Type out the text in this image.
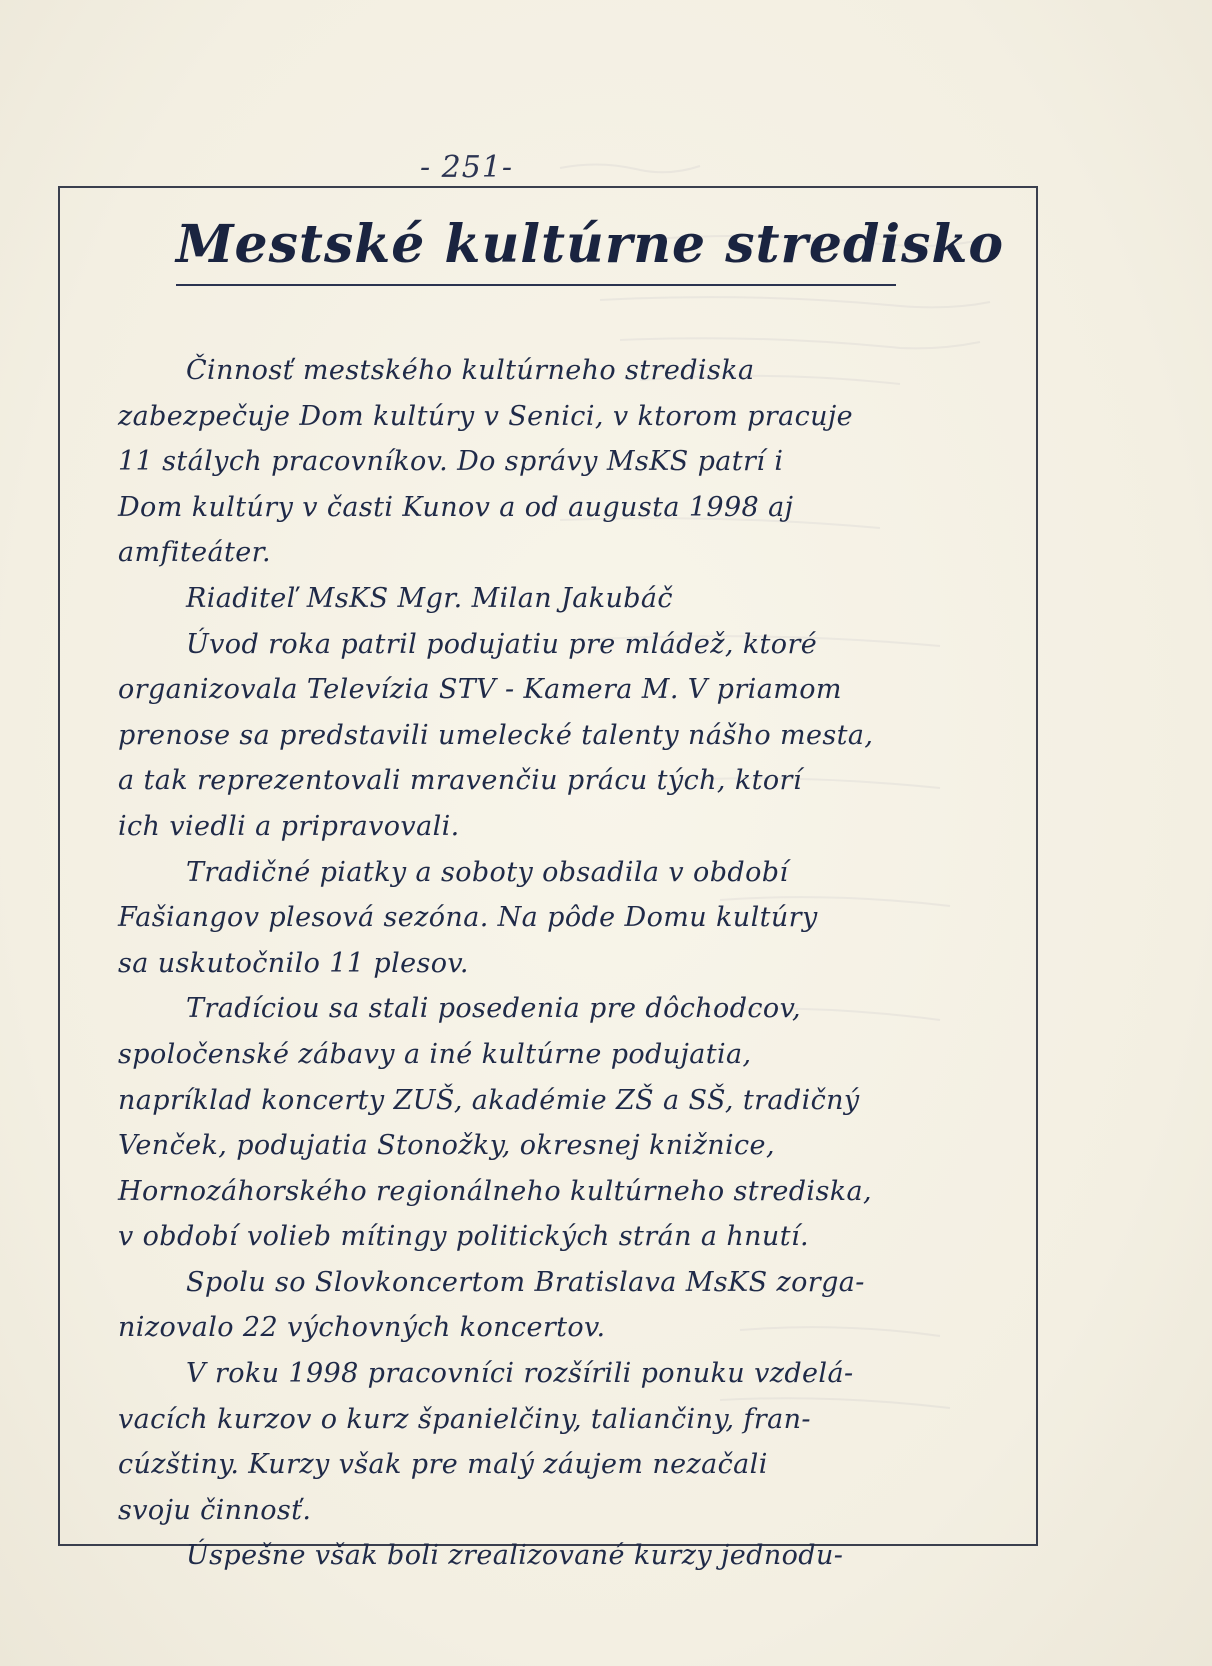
- 251-
Mestské kultúrne stredisko
Činnosť mestského kultúrneho strediska
zabezpečuje Dom kultúry v Senici, v ktorom pracuje
11 stálych pracovníkov. Do správy MsKS patrí i
Dom kultúry v časti Kunov a od augusta 1998 aj
amfiteáter.
Riaditeľ MsKS Mgr. Milan Jakubáč
Úvod roka patril podujatiu pre mládež, ktoré
organizovala Televízia STV - Kamera M. V priamom
prenose sa predstavili umelecké talenty nášho mesta,
a tak reprezentovali mravenčiu prácu tých, ktorí
ich viedli a pripravovali.
Tradičné piatky a soboty obsadila v období
Fašiangov plesová sezóna. Na pôde Domu kultúry
sa uskutočnilo 11 plesov.
Tradíciou sa stali posedenia pre dôchodcov,
spoločenské zábavy a iné kultúrne podujatia,
napríklad koncerty ZUŠ, akadémie ZŠ a SŠ, tradičný
Venček, podujatia Stonožky, okresnej knižnice,
Hornozáhorského regionálneho kultúrneho strediska,
v období volieb mítingy politických strán a hnutí.
Spolu so Slovkoncertom Bratislava MsKS zorga-
nizovalo 22 výchovných koncertov.
V roku 1998 pracovníci rozšírili ponuku vzdelá-
vacích kurzov o kurz španielčiny, taliančiny, fran-
cúzštiny. Kurzy však pre malý záujem nezačali
svoju činnosť.
Úspešne však boli zrealizované kurzy jednodu-
